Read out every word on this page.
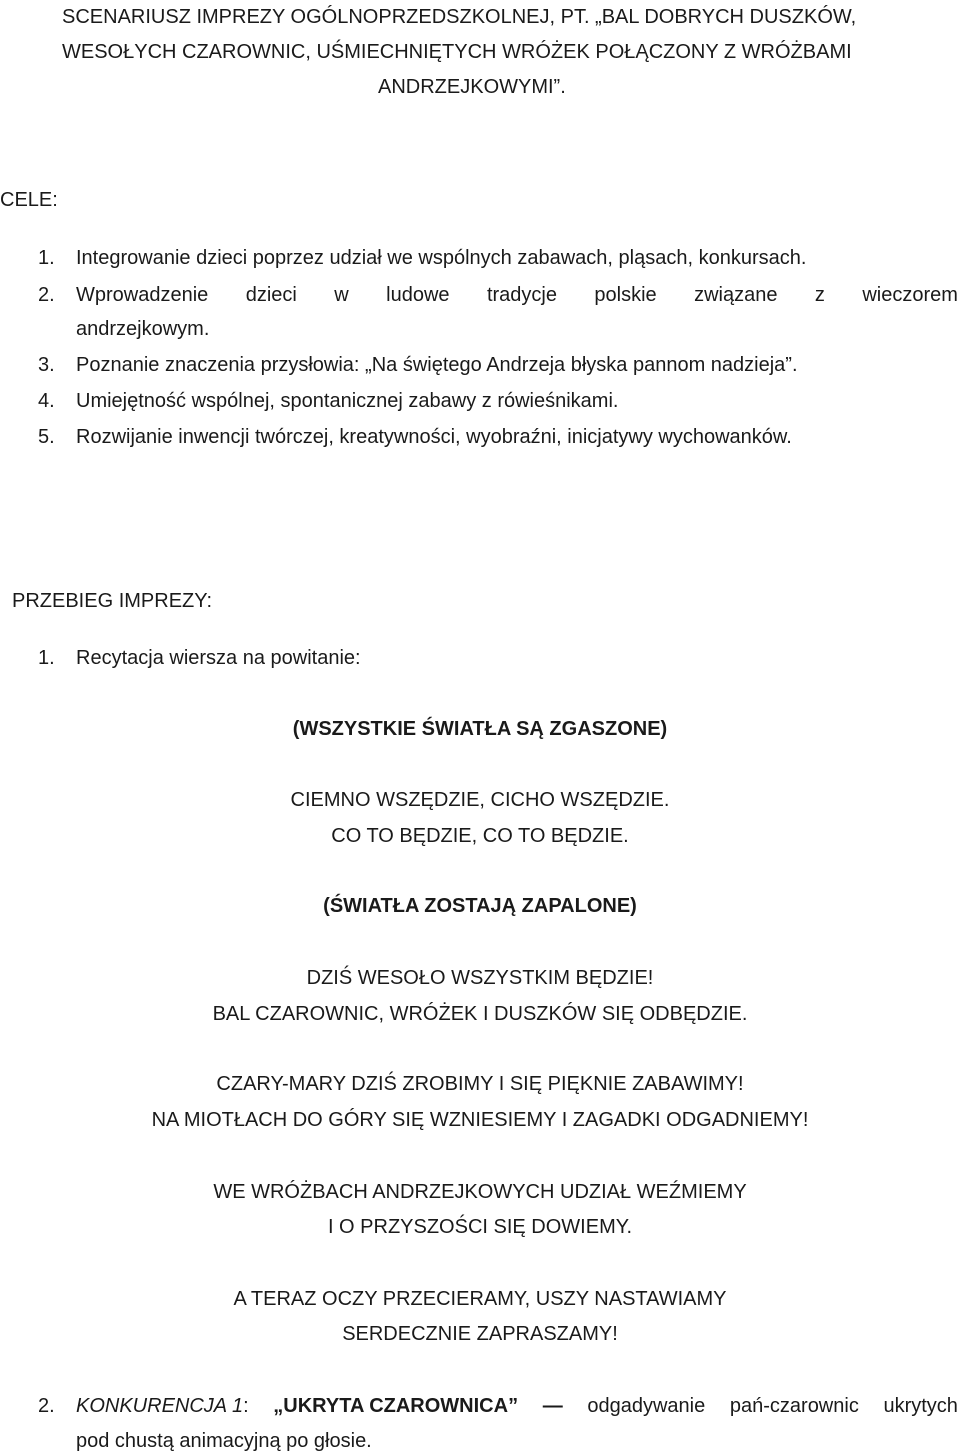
SCENARIUSZ IMPREZY OGÓLNOPRZEDSZKOLNEJ, PT. „BAL DOBRYCH DUSZKÓW,
WESOŁYCH CZAROWNIC, UŚMIECHNIĘTYCH WRÓŻEK POŁĄCZONY Z WRÓŻBAMI
ANDRZEJKOWYMI”.
CELE:
1. Integrowanie dzieci poprzez udział we wspólnych zabawach, pląsach, konkursach.
2.	Wprowadzenie dzieci w ludowe tradycje polskie związane z wieczorem
andrzejkowym.
3. Poznanie znaczenia przysłowia: „Na świętego Andrzeja błyska pannom nadzieja”.
4. Umiejętność wspólnej, spontanicznej zabawy z rówieśnikami.
5. Rozwijanie inwencji twórczej, kreatywności, wyobraźni, inicjatywy wychowanków.
PRZEBIEG IMPREZY:
1. Recytacja wiersza na powitanie:
(WSZYSTKIE ŚWIATŁA SĄ ZGASZONE)
CIEMNO WSZĘDZIE, CICHO WSZĘDZIE.
CO TO BĘDZIE, CO TO BĘDZIE.
(ŚWIATŁA ZOSTAJĄ ZAPALONE)
DZIŚ WESOŁO WSZYSTKIM BĘDZIE!
BAL CZAROWNIC, WRÓŻEK I DUSZKÓW SIĘ ODBĘDZIE.
CZARY-MARY DZIŚ ZROBIMY I SIĘ PIĘKNIE ZABAWIMY!
NA MIOTŁACH DO GÓRY SIĘ WZNIESIEMY I ZAGADKI ODGADNIEMY!
WE WRÓŻBACH ANDRZEJKOWYCH UDZIAŁ WEŹMIEMY
I O PRZYSZOŚCI SIĘ DOWIEMY.
A TERAZ OCZY PRZECIERAMY, USZY NASTAWIAMY
SERDECZNIE ZAPRASZAMY!
2.	KONKURENCJA 1: „UKRYTA CZAROWNICA” — odgadywanie pań-czarownic ukrytych
pod chustą animacyjną po głosie.
